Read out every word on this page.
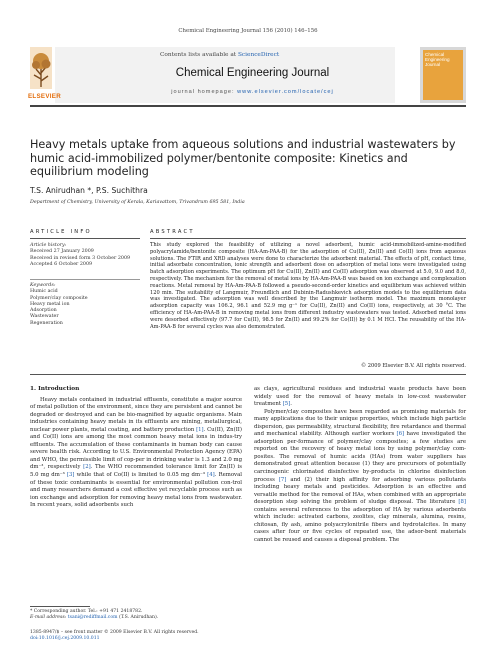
Chemical Engineering Journal 156 (2010) 146–156
ELSEVIER
Contents lists available at ScienceDirect
Chemical Engineering Journal
journal homepage: www.elsevier.com/locate/cej
Chemical Engineering Journal
Heavy metals uptake from aqueous solutions and industrial wastewaters by humic acid-immobilized polymer/bentonite composite: Kinetics and equilibrium modeling
T.S. Anirudhan *, P.S. Suchithra
Department of Chemistry, University of Kerala, Kariavattom, Trivandrum 695 581, India
ARTICLE INFO	ABSTRACT
Article history:
Received 27 January 2009
Received in revised form 3 October 2009
Accepted 6 October 2009
Keywords:
Humic acid
Polymer/clay composite
Heavy metal ion
Adsorption
Wastewater
Regeneration
This study explored the feasibility of utilizing a novel adsorbent, humic acid-immobilized-amine-modified polyacrylamide/bentonite composite (HA-Am-PAA-B) for the adsorption of Cu(II), Zn(II) and Co(II) ions from aqueous solutions. The FTIR and XRD analyses were done to characterize the adsorbent material. The effects of pH, contact time, initial adsorbate concentration, ionic strength and adsorbent dose on adsorption of metal ions were investigated using batch adsorption experiments. The optimum pH for Cu(II), Zn(II) and Co(II) adsorption was observed at 5.0, 9.0 and 8.0, respectively. The mechanism for the removal of metal ions by HA-Am-PAA-B was based on ion exchange and complexation reactions. Metal removal by HA-Am-PAA-B followed a pseudo-second-order kinetics and equilibrium was achieved within 120 min. The suitability of Langmuir, Freundlich and Dubinin-Radushkevich adsorption models to the equilibrium data was investigated. The adsorption was well described by the Langmuir isotherm model. The maximum monolayer adsorption capacity was 106.2, 96.1 and 52.9 mg g⁻¹ for Cu(II), Zn(II) and Co(II) ions, respectively, at 30 °C. The efficiency of HA-Am-PAA-B in removing metal ions from different industry wastewaters was tested. Adsorbed metal ions were desorbed effectively (97.7 for Cu(II), 98.5 for Zn(II) and 99.2% for Co(II)) by 0.1 M HCl. The reusability of the HA-Am-PAA-B for several cycles was also demonstrated.
© 2009 Elsevier B.V. All rights reserved.
1. Introduction

Heavy metals contained in industrial effluents, constitute a major source of metal pollution of the environment, since they are persistent and cannot be degraded or destroyed and can be bio-magnified by aquatic organisms. Main industries containing heavy metals in its effluents are mining, metallurgical, nuclear power plants, metal coating, and battery production [1]. Cu(II), Zn(II) and Co(II) ions are among the most common heavy metal ions in indus-try effluents. The accumulation of these contaminants in human body can cause severe health risk. According to U.S. Environmental Protection Agency (EPA) and WHO, the permissible limit of cop-per in drinking water is 1.3 and 2.0 mg dm⁻³, respectively [2]. The WHO recommended tolerance limit for Zn(II) is 5.0 mg dm⁻³ [3] while that of Co(II) is limited to 0.05 mg dm⁻³ [4]. Removal of these toxic contaminants is essential for environmental pollution con-trol and many researchers demand a cost effective yet recyclable process such as ion exchange and adsorption for removing heavy metal ions from wastewater. In recent years, solid adsorbents such

as clays, agricultural residues and industrial waste products have been widely used for the removal of heavy metals in low-cost wastewater treatment [5].

Polymer/clay composites have been regarded as promising materials for many applications due to their unique properties, which include high particle dispersion, gas permeability, structural flexibility, fire retardance and thermal and mechanical stability. Although earlier workers [6] have investigated the adsorption per-formance of polymer/clay composites; a few studies are reported on the recovery of heavy metal ions by using polymer/clay com-posites. The removal of humic acids (HAs) from water suppliers has demonstrated great attention because (1) they are precursors of potentially carcinogenic chlorinated disinfective by-products in chlorine disinfection process [7] and (2) their high affinity for adsorbing various pollutants including heavy metals and pesticides. Adsorption is an effective and versatile method for the removal of HAs, when combined with an appropriate desorption step solving the problem of sludge disposal. The literature [8] contains several references to the adsorption of HA by various adsorbents which include: activated carbons, zeolites, clay minerals, alumina, resins, chitosan, fly ash, amino polyacrylonitrile fibers and hydrotalcites. In many cases after four or five cycles of repeated use, the adsor-bent materials cannot be reused and causes a disposal problem. The

* Corresponding author. Tel.: +91 471 2418782.
E-mail address: tsani@rediffmail.com (T.S. Anirudhan).
1385-8947/$ – see front matter © 2009 Elsevier B.V. All rights reserved.
doi:10.1016/j.cej.2009.10.011
